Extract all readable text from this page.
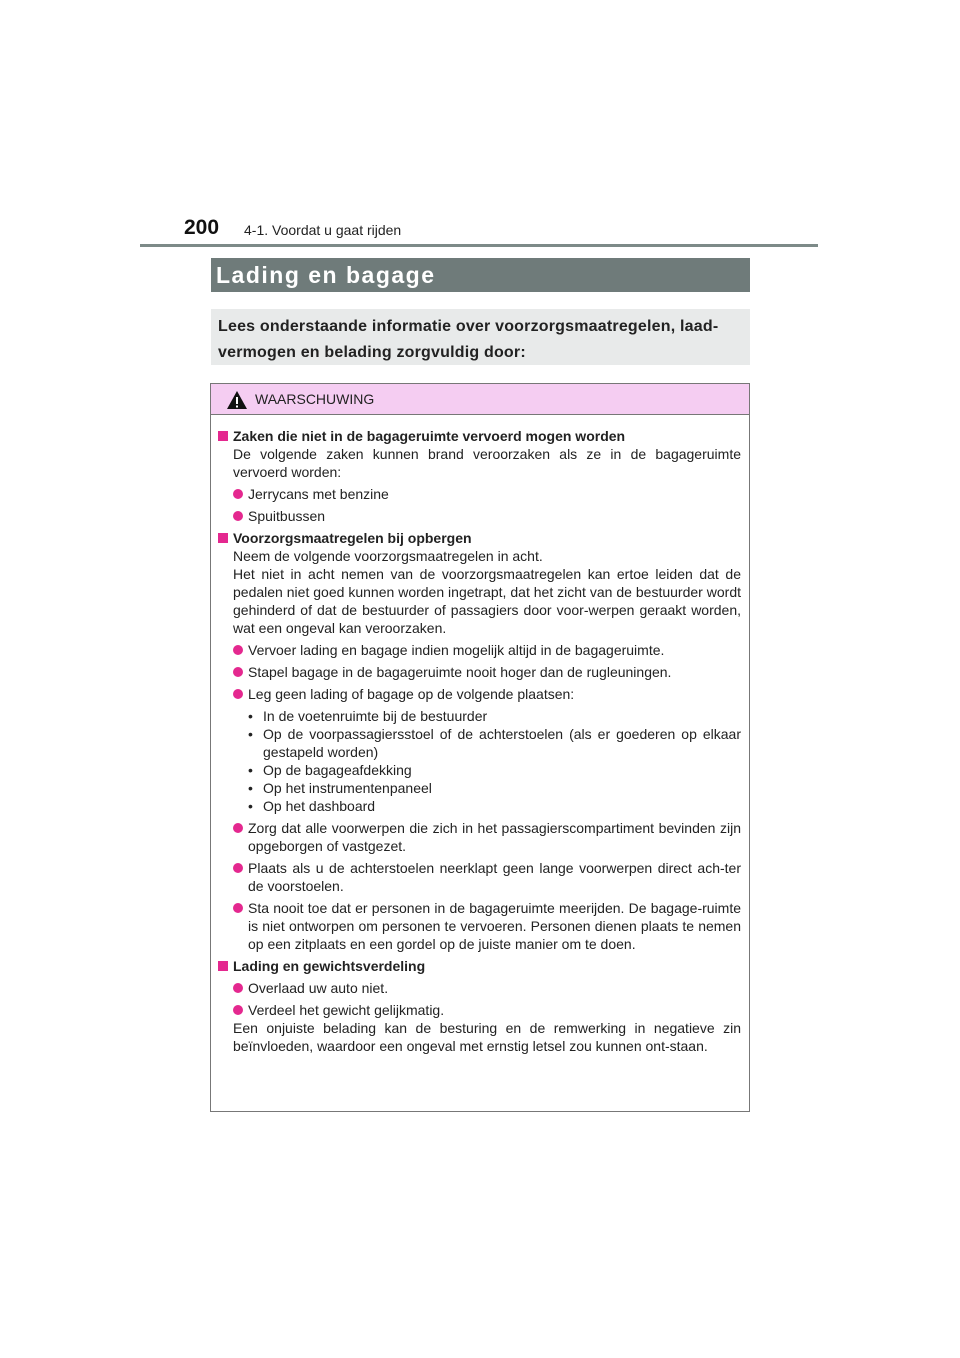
200 4-1. Voordat u gaat rijden
Lading en bagage
Lees onderstaande informatie over voorzorgsmaatregelen, laad-vermogen en belading zorgvuldig door:
WAARSCHUWING
Zaken die niet in de bagageruimte vervoerd mogen worden
De volgende zaken kunnen brand veroorzaken als ze in de bagageruimte vervoerd worden:
Jerrycans met benzine
Spuitbussen
Voorzorgsmaatregelen bij opbergen
Neem de volgende voorzorgsmaatregelen in acht.
Het niet in acht nemen van de voorzorgsmaatregelen kan ertoe leiden dat de pedalen niet goed kunnen worden ingetrapt, dat het zicht van de bestuurder wordt gehinderd of dat de bestuurder of passagiers door voor-werpen geraakt worden, wat een ongeval kan veroorzaken.
Vervoer lading en bagage indien mogelijk altijd in de bagageruimte.
Stapel bagage in de bagageruimte nooit hoger dan de rugleuningen.
Leg geen lading of bagage op de volgende plaatsen:
• In de voetenruimte bij de bestuurder
• Op de voorpassagiersstoel of de achterstoelen (als er goederen op elkaar gestapeld worden)
• Op de bagageafdekking
• Op het instrumentenpaneel
• Op het dashboard
Zorg dat alle voorwerpen die zich in het passagierscompartiment bevinden zijn opgeborgen of vastgezet.
Plaats als u de achterstoelen neerklapt geen lange voorwerpen direct ach-ter de voorstoelen.
Sta nooit toe dat er personen in de bagageruimte meerijden. De bagage-ruimte is niet ontworpen om personen te vervoeren. Personen dienen plaats te nemen op een zitplaats en een gordel op de juiste manier om te doen.
Lading en gewichtsverdeling
Overlaad uw auto niet.
Verdeel het gewicht gelijkmatig.
Een onjuiste belading kan de besturing en de remwerking in negatieve zin beïnvloeden, waardoor een ongeval met ernstig letsel zou kunnen ont-staan.
